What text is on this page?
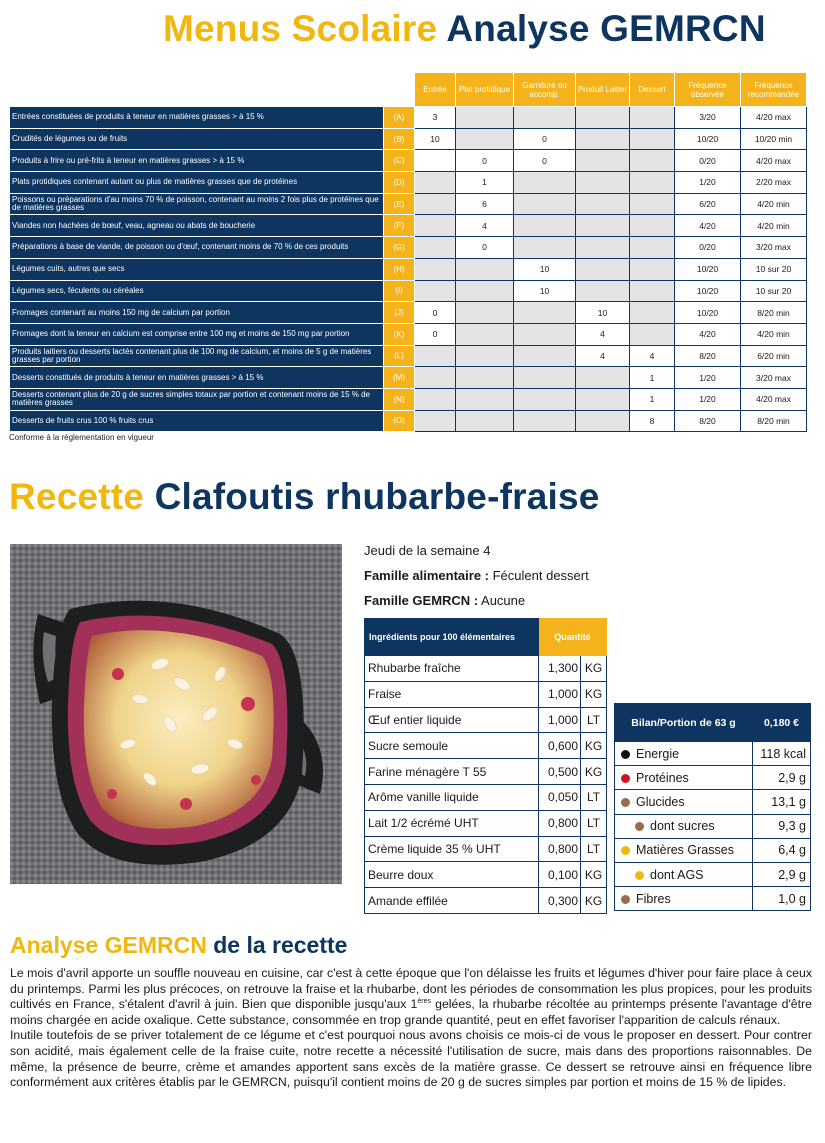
Menus Scolaire Analyse GEMRCN
		Entrée	Plat protidique	Garniture ou accomp.	Produit Laitier	Dessert	Fréquence observée	Fréquence recommandée
Entrées constituées de produits à teneur en matières grasses > à 15 %	(A)	3					3/20	4/20 max
Crudités de légumes ou de fruits	(B)	10		0			10/20	10/20 min
Produits à frire ou pré-frits à teneur en matières grasses > à 15 %	(C)		0	0			0/20	4/20 max
Plats protidiques contenant autant ou plus de matières grasses que de protéines	(D)		1				1/20	2/20 max
Poissons ou préparations d'au moins 70 % de poisson, contenant au moins 2 fois plus de protéines que de matières grasses	(E)		6				6/20	4/20 min
Viandes non hachées de bœuf, veau, agneau ou abats de boucherie	(F)		4				4/20	4/20 min
Préparations à base de viande, de poisson ou d'œuf, contenant moins de 70 % de ces produits	(G)		0				0/20	3/20 max
Légumes cuits, autres que secs	(H)			10			10/20	10 sur 20
Légumes secs, féculents ou céréales	(I)			10			10/20	10 sur 20
Fromages contenant au moins 150 mg de calcium par portion	(J)	0			10		10/20	8/20 min
Fromages dont la teneur en calcium est comprise entre 100 mg et moins de 150 mg par portion	(K)	0			4		4/20	4/20 min
Produits laitiers ou desserts lactés contenant plus de 100 mg de calcium, et moins de 5 g de matières grasses par portion	(L)				4	4	8/20	6/20 min
Desserts constitués de produits à teneur en matières grasses > à 15 %	(M)					1	1/20	3/20 max
Desserts contenant plus de 20 g de sucres simples totaux par portion et contenant moins de 15 % de matières grasses	(N)					1	1/20	4/20 max
Desserts de fruits crus 100 % fruits crus	(O)					8	8/20	8/20 min
Conforme à la réglementation en vigueur
Recette Clafoutis rhubarbe-fraise
Jeudi de la semaine 4
Famille alimentaire : Féculent dessert
Famille GEMRCN : Aucune
Ingrédients pour 100 élémentaires	Quantité	
Rhubarbe fraîche	1,300	KG
Fraise	1,000	KG
Œuf entier liquide	1,000	LT
Sucre semoule	0,600	KG
Farine ménagère T 55	0,500	KG
Arôme vanille liquide	0,050	LT
Lait 1/2 écrémé UHT	0,800	LT
Crème liquide 35 % UHT	0,800	LT
Beurre doux	0,100	KG
Amande effilée	0,300	KG
Bilan/Portion de 63 g	0,180 €
Energie	118 kcal
Protéines	2,9 g
Glucides	13,1 g
dont sucres	9,3 g
Matières Grasses	6,4 g
dont AGS	2,9 g
Fibres	1,0 g
Analyse GEMRCN de la recette

Le mois d'avril apporte un souffle nouveau en cuisine, car c'est à cette époque que l'on délaisse les fruits et légumes d'hiver pour faire place à ceux du printemps. Parmi les plus précoces, on retrouve la fraise et la rhubarbe, dont les périodes de consommation les plus propices, pour les produits cultivés en France, s'étalent d'avril à juin. Bien que disponible jusqu'aux 1ères gelées, la rhubarbe récoltée au printemps présente l'avantage d'être moins chargée en acide oxalique. Cette substance, consommée en trop grande quantité, peut en effet favoriser l'apparition de calculs rénaux.

Inutile toutefois de se priver totalement de ce légume et c'est pourquoi nous avons choisis ce mois-ci de vous le proposer en dessert. Pour contrer son acidité, mais également celle de la fraise cuite, notre recette a nécessité l'utilisation de sucre, mais dans des proportions raisonnables. De même, la présence de beurre, crème et amandes apportent sans excès de la matière grasse. Ce dessert se retrouve ainsi en fréquence libre conformément aux critères établis par le GEMRCN, puisqu'il contient moins de 20 g de sucres simples par portion et moins de 15 % de lipides.
